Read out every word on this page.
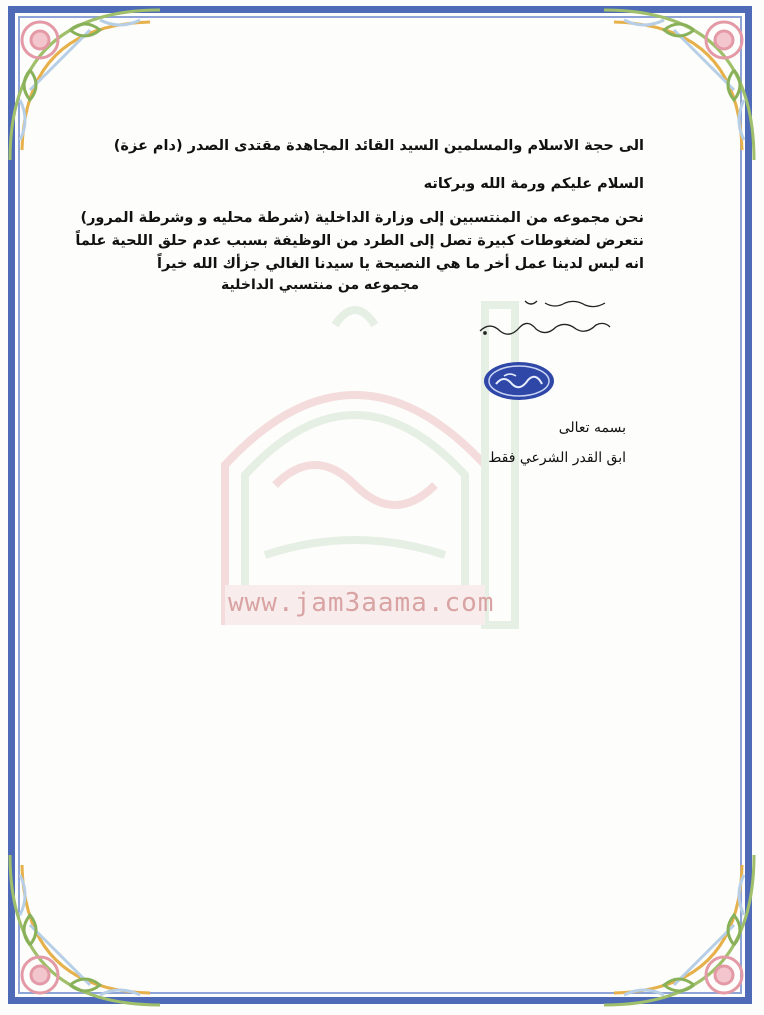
www.jam3aama.com
الى حجة الاسلام والمسلمين السيد القائد المجاهدة مقتدى الصدر (دام عزة)
السلام عليكم ورمة الله وبركاته
نحن مجموعه من المنتسبين إلى وزارة الداخلية (شرطة محليه و وشرطة المرور)
نتعرض لضغوطات كبيرة تصل إلى الطرد من الوظيفة بسبب عدم حلق اللحية علماً
انه ليس لدينا عمل أخر ما هي النصيحة يا سيدنا الغالي جزأك الله خيراً
مجموعه من منتسبي الداخلية
بسمه تعالى
ابق القدر الشرعي فقط
